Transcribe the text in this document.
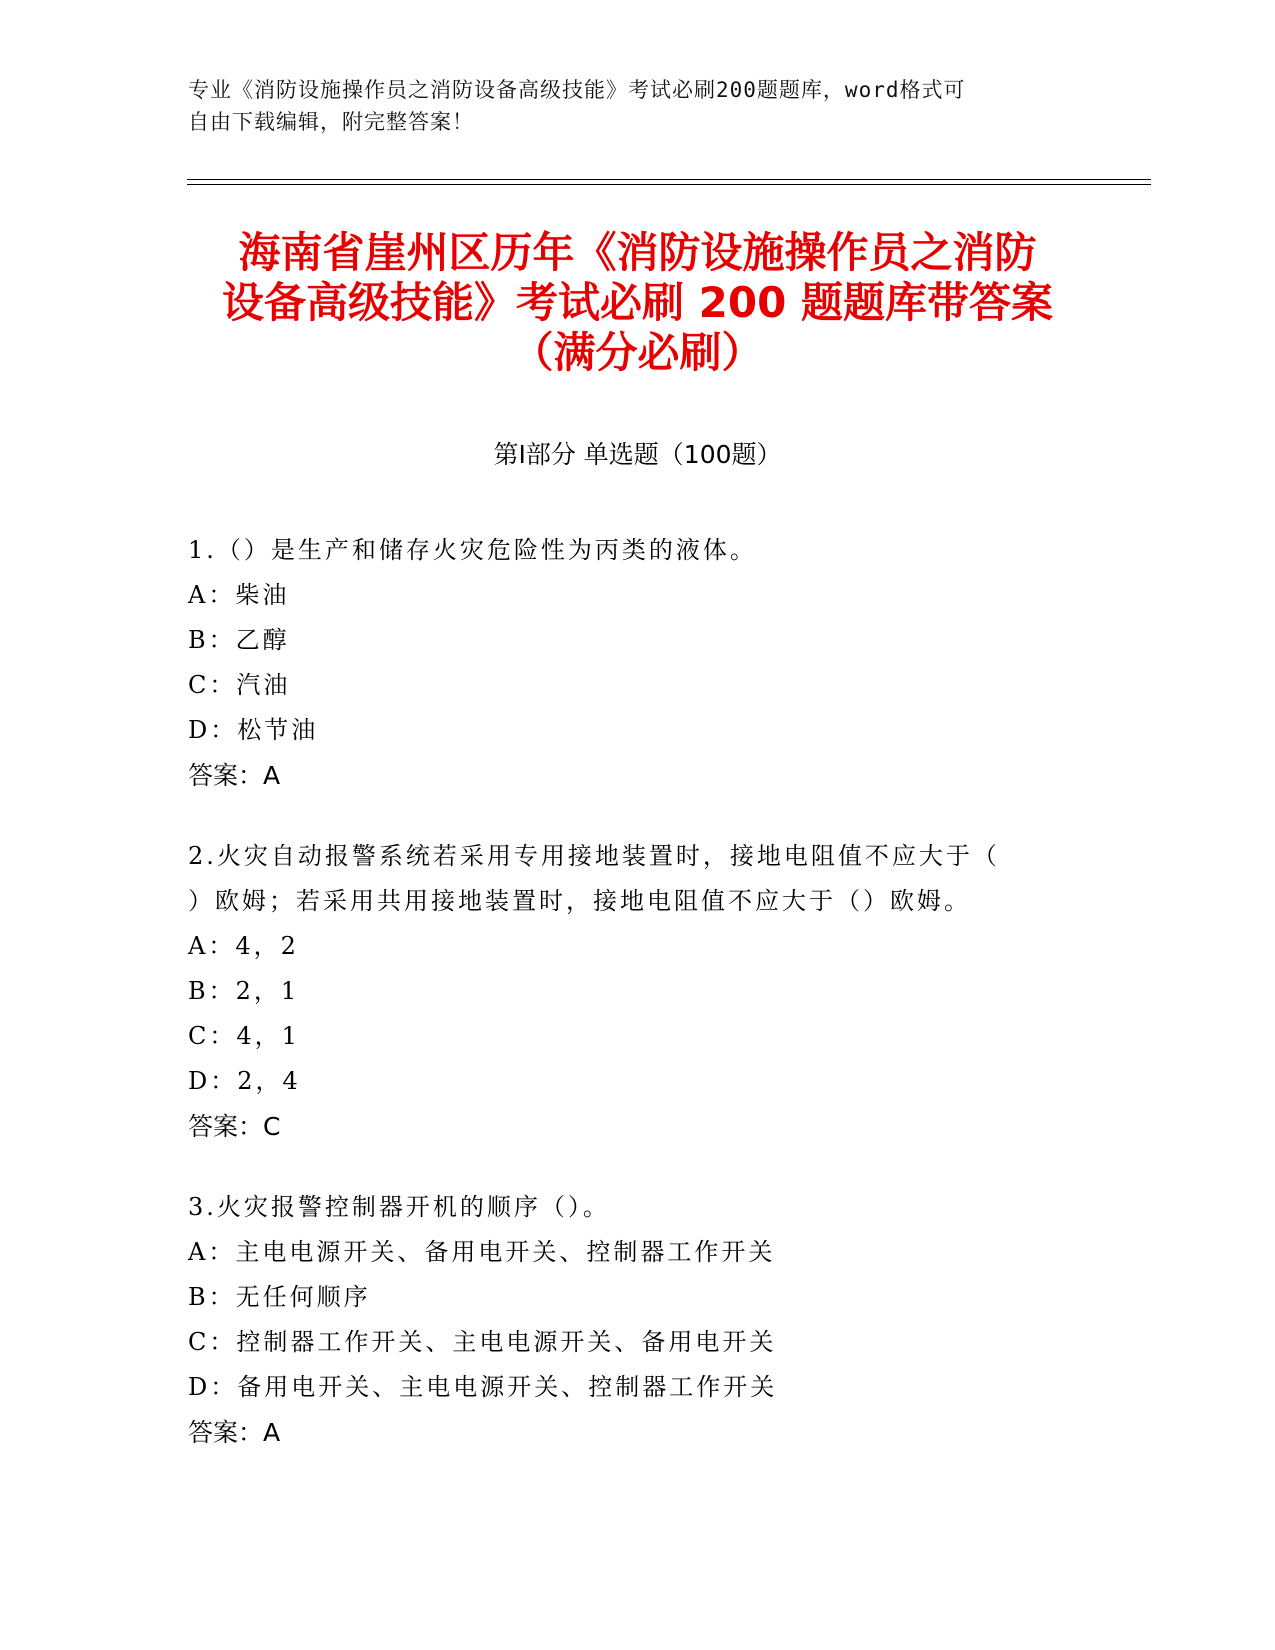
专业《消防设施操作员之消防设备高级技能》考试必刷200题题库，word格式可
自由下载编辑，附完整答案！
海南省崖州区历年《消防设施操作员之消防
设备高级技能》考试必刷 200 题题库带答案
（满分必刷）
第Ⅰ部分 单选题（100题）
1.（）是生产和储存火灾危险性为丙类的液体。
A：柴油
B：乙醇
C：汽油
D：松节油
答案：A
2.火灾自动报警系统若采用专用接地装置时，接地电阻值不应大于（
）欧姆；若采用共用接地装置时，接地电阻值不应大于（）欧姆。
A：4，2
B：2，1
C：4，1
D：2，4
答案：C
3.火灾报警控制器开机的顺序（）。
A：主电电源开关、备用电开关、控制器工作开关
B：无任何顺序
C：控制器工作开关、主电电源开关、备用电开关
D：备用电开关、主电电源开关、控制器工作开关
答案：A
